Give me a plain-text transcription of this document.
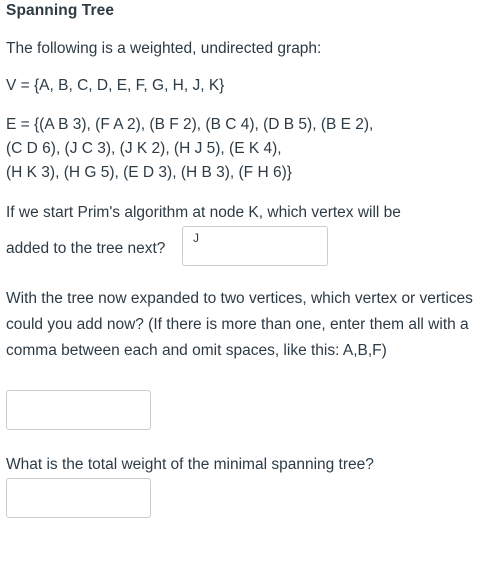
Spanning Tree
The following is a weighted, undirected graph:
V = {A, B, C, D, E, F, G, H, J, K}
E = {(A B 3), (F A 2), (B F 2), (B C 4), (D B 5), (B E 2),
(C D 6), (J C 3), (J K 2), (H J 5), (E K 4),
(H K 3), (H G 5), (E D 3), (H B 3), (F H 6)}
If we start Prim's algorithm at node K, which vertex will be
added to the tree next?
J
With the tree now expanded to two vertices, which vertex or vertices could you add now? (If there is more than one, enter them all with a comma between each and omit spaces, like this: A,B,F)
What is the total weight of the minimal spanning tree?
